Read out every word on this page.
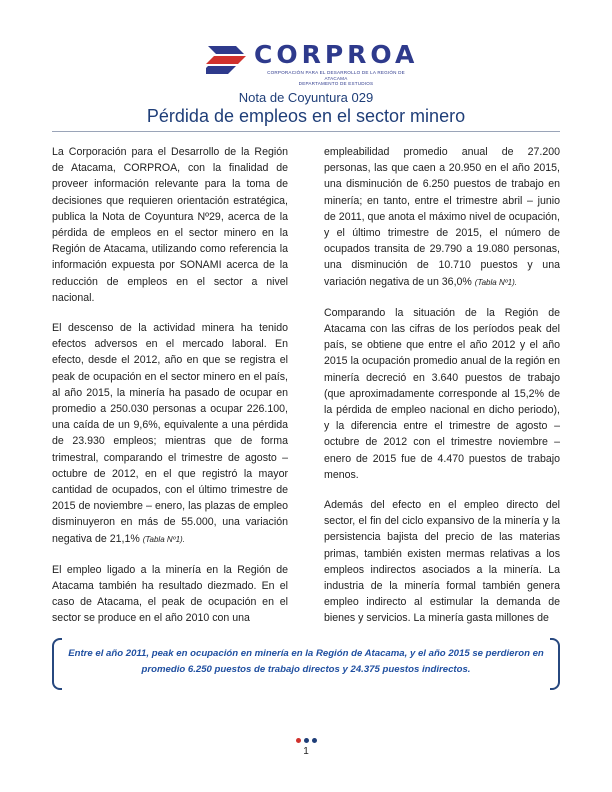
CORPROA
CORPORACIÓN PARA EL DESARROLLO DE LA REGIÓN DE ATACAMA
DEPARTAMENTO DE ESTUDIOS
Nota de Coyuntura 029
Pérdida de empleos en el sector minero

La Corporación para el Desarrollo de la Región de Atacama, CORPROA, con la finalidad de proveer información relevante para la toma de decisiones que requieren orientación estratégica, publica la Nota de Coyuntura Nº29, acerca de la pérdida de empleos en el sector minero en la Región de Atacama, utilizando como referencia la información expuesta por SONAMI acerca de la reducción de empleos en el sector a nivel nacional.

El descenso de la actividad minera ha tenido efectos adversos en el mercado laboral. En efecto, desde el 2012, año en que se registra el peak de ocupación en el sector minero en el país, al año 2015, la minería ha pasado de ocupar en promedio a 250.030 personas a ocupar 226.100, una caída de un 9,6%, equivalente a una pérdida de 23.930 empleos; mientras que de forma trimestral, comparando el trimestre de agosto – octubre de 2012, en el que registró la mayor cantidad de ocupados, con el último trimestre de 2015 de noviembre – enero, las plazas de empleo disminuyeron en más de 55.000, una variación negativa de 21,1% (Tabla Nº1).

El empleo ligado a la minería en la Región de Atacama también ha resultado diezmado. En el caso de Atacama, el peak de ocupación en el sector se produce en el año 2010 con una

empleabilidad promedio anual de 27.200 personas, las que caen a 20.950 en el año 2015, una disminución de 6.250 puestos de trabajo en minería; en tanto, entre el trimestre abril – junio de 2011, que anota el máximo nivel de ocupación, y el último trimestre de 2015, el número de ocupados transita de 29.790 a 19.080 personas, una disminución de 10.710 puestos y una variación negativa de un 36,0% (Tabla Nº1).

Comparando la situación de la Región de Atacama con las cifras de los períodos peak del país, se obtiene que entre el año 2012 y el año 2015 la ocupación promedio anual de la región en minería decreció en 3.640 puestos de trabajo (que aproximadamente corresponde al 15,2% de la pérdida de empleo nacional en dicho periodo), y la diferencia entre el trimestre de agosto – octubre de 2012 con el trimestre noviembre – enero de 2015 fue de 4.470 puestos de trabajo menos.

Además del efecto en el empleo directo del sector, el fin del ciclo expansivo de la minería y la persistencia bajista del precio de las materias primas, también existen mermas relativas a los empleos indirectos asociados a la minería. La industria de la minería formal también genera empleo indirecto al estimular la demanda de bienes y servicios. La minería gasta millones de

Entre el año 2011, peak en ocupación en minería en la Región de Atacama, y el año 2015 se perdieron en promedio 6.250 puestos de trabajo directos y 24.375 puestos indirectos.
1
